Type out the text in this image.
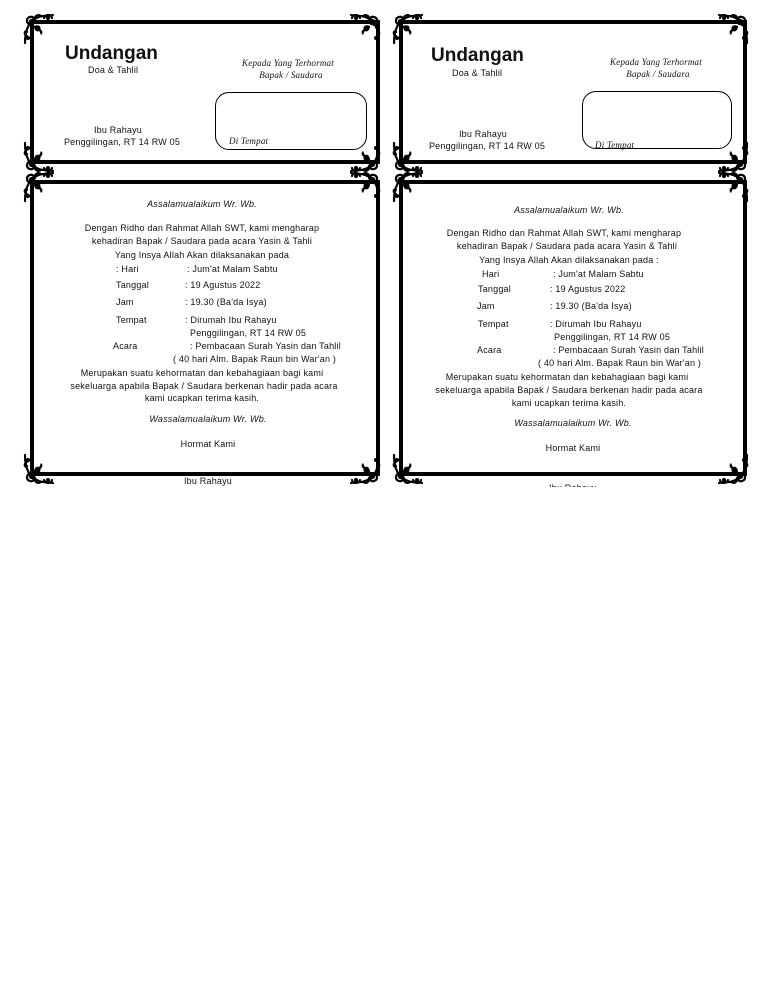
Undangan
Doa & Tahlil
Kepada Yang Terhormat
Bapak / Saudara
Di Tempat
Ibu Rahayu
Penggilingan, RT 14 RW 05
Assalamualaikum Wr. Wb.
Dengan Ridho dan Rahmat Allah SWT, kami mengharap
kehadiran Bapak / Saudara pada acara Yasin & Tahli
Yang Insya Allah Akan dilaksanakan pada
: Hari	: Jum'at Malam Sabtu
Tanggal	: 19 Agustus 2022
Jam	: 19.30 (Ba'da Isya)
Tempat	: Dirumah Ibu Rahayu
Penggilingan, RT 14 RW 05
Acara	: Pembacaan Surah Yasin dan Tahlil
( 40 hari Alm. Bapak Raun bin War'an )
Merupakan suatu kehormatan dan kebahagiaan bagi kami
sekeluarga apabila Bapak / Saudara berkenan hadir pada acara
kami ucapkan terima kasih.
Wassalamualaikum Wr. Wb.
Hormat Kami
Ibu Rahayu
Undangan
Doa & Tahlil
Kepada Yang Terhormat
Bapak / Saudara
Di Tempat
Ibu Rahayu
Penggilingan, RT 14 RW 05
Assalamualaikum Wr. Wb.
Dengan Ridho dan Rahmat Allah SWT, kami mengharap
kehadiran Bapak / Saudara pada acara Yasin & Tahli
Yang Insya Allah Akan dilaksanakan pada :
Hari	: Jum'at Malam Sabtu
Tanggal	: 19 Agustus 2022
Jam	: 19.30 (Ba'da Isya)
Tempat	: Dirumah Ibu Rahayu
Penggilingan, RT 14 RW 05
Acara	: Pembacaan Surah Yasin dan Tahlil
( 40 hari Alm. Bapak Raun bin War'an )
Merupakan suatu kehormatan dan kebahagiaan bagi kami
sekeluarga apabila Bapak / Saudara berkenan hadir pada acara
kami ucapkan terima kasih.
Wassalamualaikum Wr. Wb.
Hormat Kami
